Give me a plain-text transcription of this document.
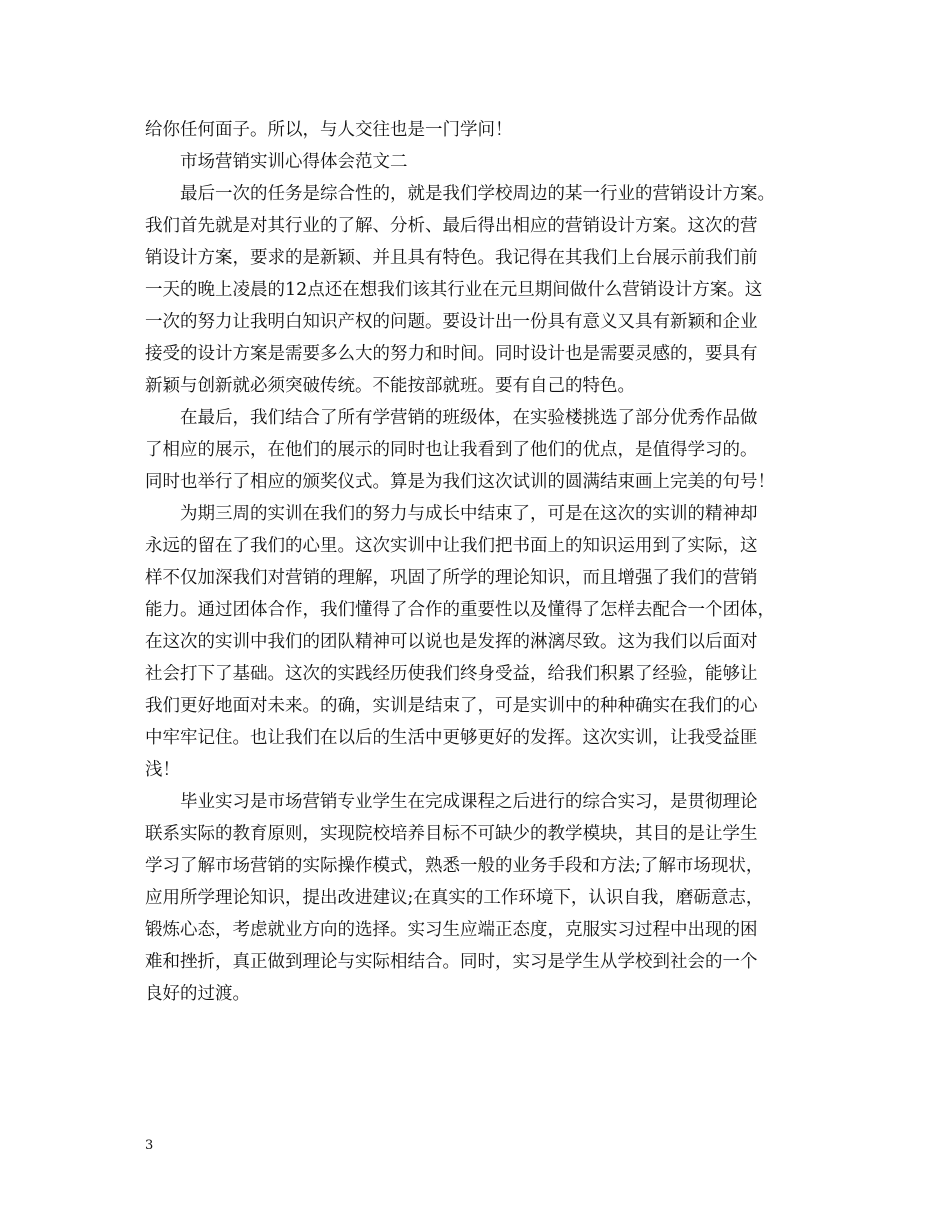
给你任何面子。所以，与人交往也是一门学问！
市场营销实训心得体会范文二
最后一次的任务是综合性的，就是我们学校周边的某一行业的营销设计方案。
我们首先就是对其行业的了解、分析、最后得出相应的营销设计方案。这次的营
销设计方案，要求的是新颖、并且具有特色。我记得在其我们上台展示前我们前
一天的晚上凌晨的12点还在想我们该其行业在元旦期间做什么营销设计方案。这
一次的努力让我明白知识产权的问题。要设计出一份具有意义又具有新颖和企业
接受的设计方案是需要多么大的努力和时间。同时设计也是需要灵感的，要具有
新颖与创新就必须突破传统。不能按部就班。要有自己的特色。
在最后，我们结合了所有学营销的班级体，在实验楼挑选了部分优秀作品做
了相应的展示，在他们的展示的同时也让我看到了他们的优点，是值得学习的。
同时也举行了相应的颁奖仪式。算是为我们这次试训的圆满结束画上完美的句号！
为期三周的实训在我们的努力与成长中结束了，可是在这次的实训的精神却
永远的留在了我们的心里。这次实训中让我们把书面上的知识运用到了实际，这
样不仅加深我们对营销的理解，巩固了所学的理论知识，而且增强了我们的营销
能力。通过团体合作，我们懂得了合作的重要性以及懂得了怎样去配合一个团体，
在这次的实训中我们的团队精神可以说也是发挥的淋漓尽致。这为我们以后面对
社会打下了基础。这次的实践经历使我们终身受益，给我们积累了经验，能够让
我们更好地面对未来。的确，实训是结束了，可是实训中的种种确实在我们的心
中牢牢记住。也让我们在以后的生活中更够更好的发挥。这次实训，让我受益匪
浅！
毕业实习是市场营销专业学生在完成课程之后进行的综合实习，是贯彻理论
联系实际的教育原则，实现院校培养目标不可缺少的教学模块，其目的是让学生
学习了解市场营销的实际操作模式，熟悉一般的业务手段和方法;了解市场现状，
应用所学理论知识，提出改进建议;在真实的工作环境下，认识自我，磨砺意志，
锻炼心态，考虑就业方向的选择。实习生应端正态度，克服实习过程中出现的困
难和挫折，真正做到理论与实际相结合。同时，实习是学生从学校到社会的一个
良好的过渡。
3
